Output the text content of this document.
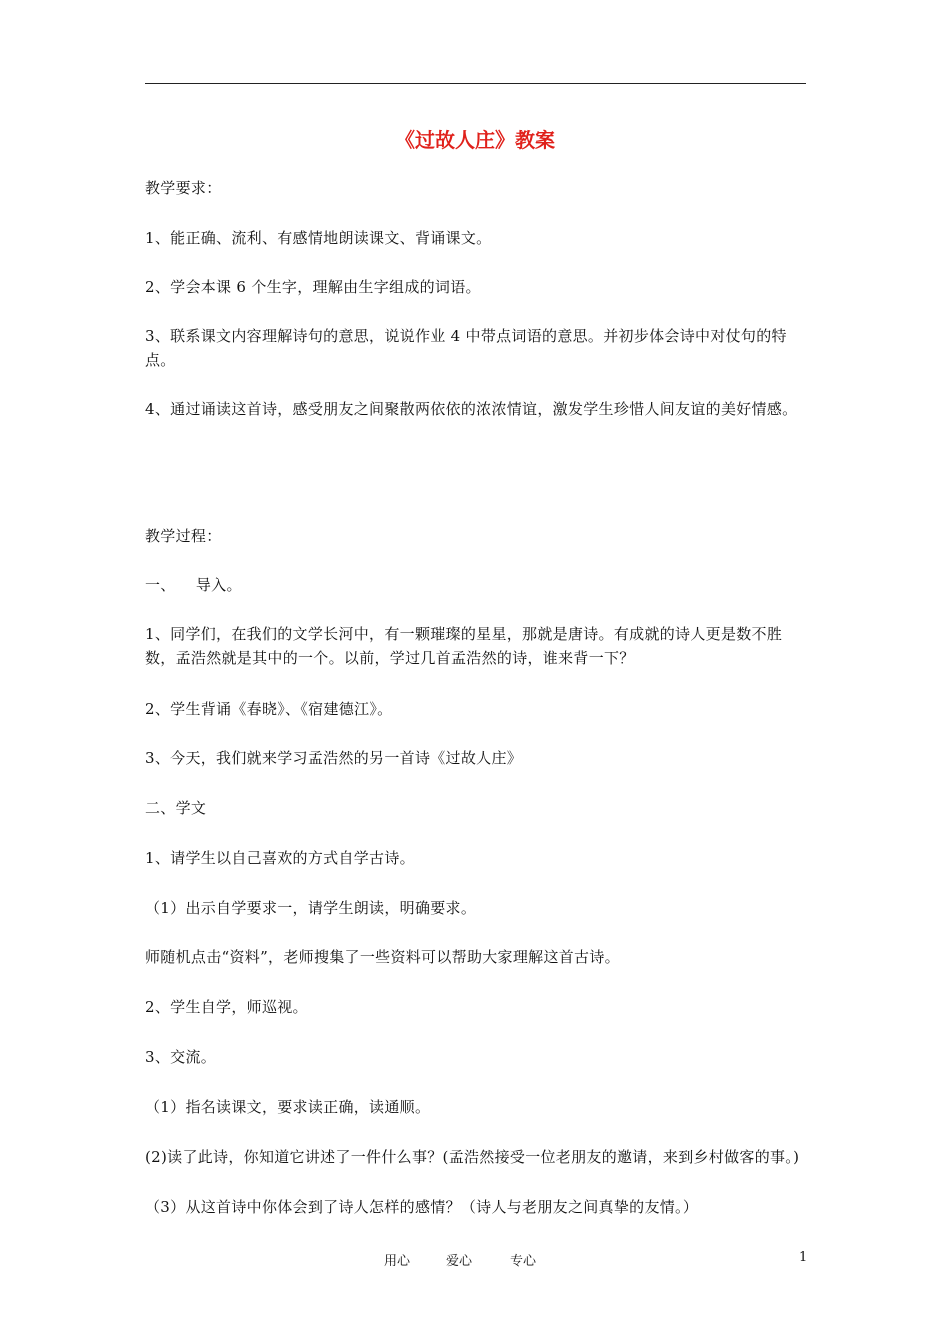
《过故人庄》教案
教学要求：
1、能正确、流利、有感情地朗读课文、背诵课文。
2、学会本课 6 个生字，理解由生字组成的词语。
3、联系课文内容理解诗句的意思，说说作业 4 中带点词语的意思。并初步体会诗中对仗句的特点。
4、通过诵读这首诗，感受朋友之间聚散两依依的浓浓情谊，激发学生珍惜人间友谊的美好情感。
教学过程：
一、    导入。
1、同学们，在我们的文学长河中，有一颗璀璨的星星，那就是唐诗。有成就的诗人更是数不胜数，孟浩然就是其中的一个。以前，学过几首孟浩然的诗，谁来背一下？
2、学生背诵《春晓》、《宿建德江》。
3、今天，我们就来学习孟浩然的另一首诗《过故人庄》
二、学文
1、请学生以自己喜欢的方式自学古诗。
（1）出示自学要求一，请学生朗读，明确要求。
师随机点击“资料”，老师搜集了一些资料可以帮助大家理解这首古诗。
2、学生自学，师巡视。
3、交流。
（1）指名读课文，要求读正确，读通顺。
(2)读了此诗，你知道它讲述了一件什么事？(孟浩然接受一位老朋友的邀请，来到乡村做客的事。)
（3）从这首诗中你体会到了诗人怎样的感情？（诗人与老朋友之间真挚的友情。）
用心	爱心	专心	1
